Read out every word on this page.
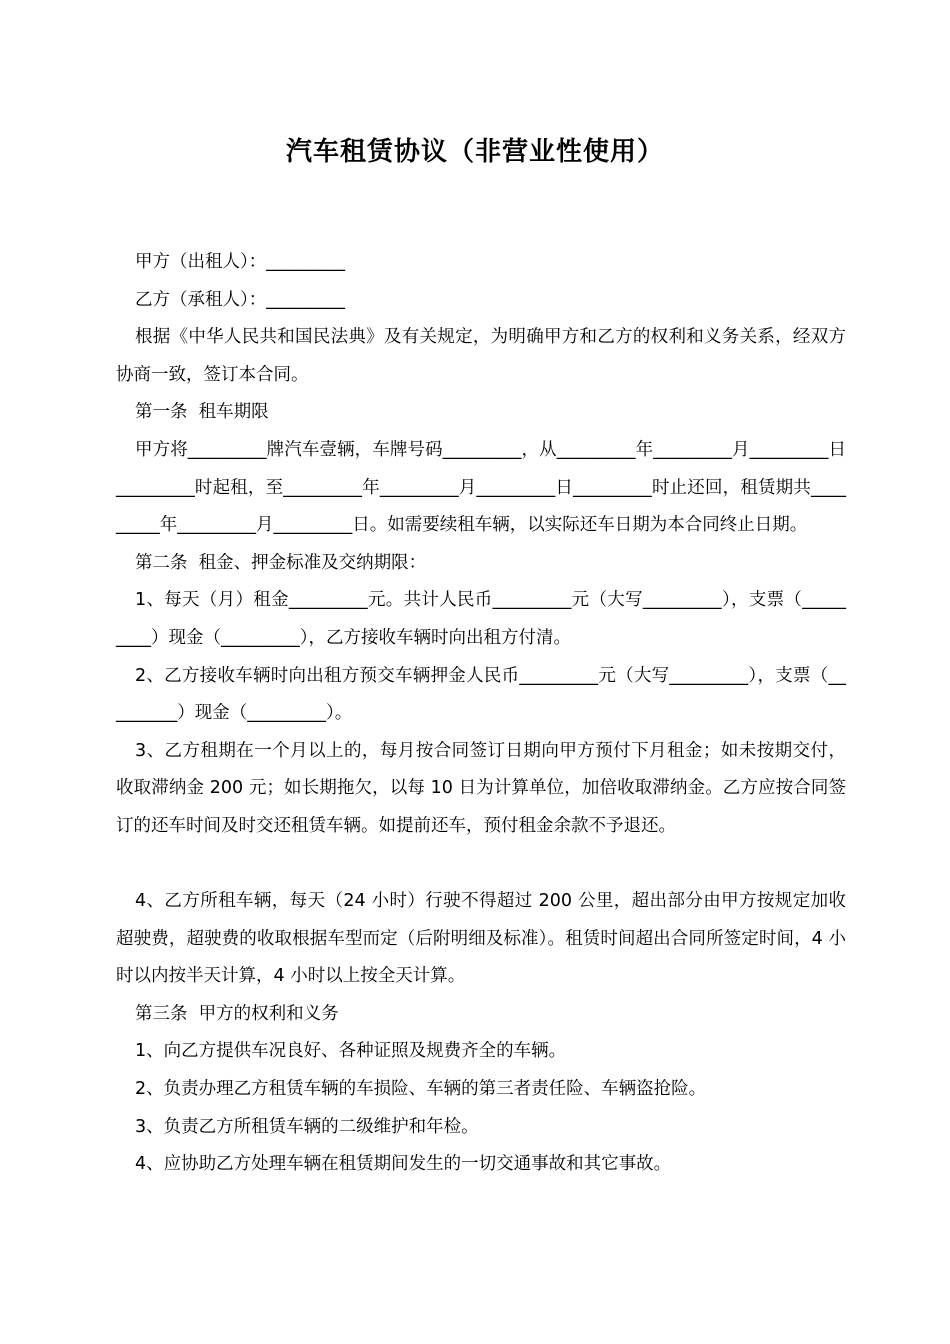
汽车租赁协议（非营业性使用）

甲方（出租人）：_________

乙方（承租人）：_________

根据《中华人民共和国民法典》及有关规定，为明确甲方和乙方的权利和义务关系，经双方协商一致，签订本合同。

第一条  租车期限

甲方将_________牌汽车壹辆，车牌号码_________，从_________年_________月_________日_________时起租，至_________年_________月_________日_________时止还回，租赁期共_________年_________月_________日。如需要续租车辆，以实际还车日期为本合同终止日期。

第二条  租金、押金标准及交纳期限：

1、每天（月）租金_________元。共计人民币_________元（大写_________），支票（_________）现金（_________），乙方接收车辆时向出租方付清。

2、乙方接收车辆时向出租方预交车辆押金人民币_________元（大写_________），支票（_________）现金（_________）。

3、乙方租期在一个月以上的，每月按合同签订日期向甲方预付下月租金；如未按期交付，收取滞纳金 200 元；如长期拖欠，以每 10 日为计算单位，加倍收取滞纳金。乙方应按合同签订的还车时间及时交还租赁车辆。如提前还车，预付租金余款不予退还。

4、乙方所租车辆，每天（24 小时）行驶不得超过 200 公里，超出部分由甲方按规定加收超驶费，超驶费的收取根据车型而定（后附明细及标准）。租赁时间超出合同所签定时间，4 小时以内按半天计算，4 小时以上按全天计算。

第三条  甲方的权利和义务

1、向乙方提供车况良好、各种证照及规费齐全的车辆。

2、负责办理乙方租赁车辆的车损险、车辆的第三者责任险、车辆盗抢险。

3、负责乙方所租赁车辆的二级维护和年检。

4、应协助乙方处理车辆在租赁期间发生的一切交通事故和其它事故。
